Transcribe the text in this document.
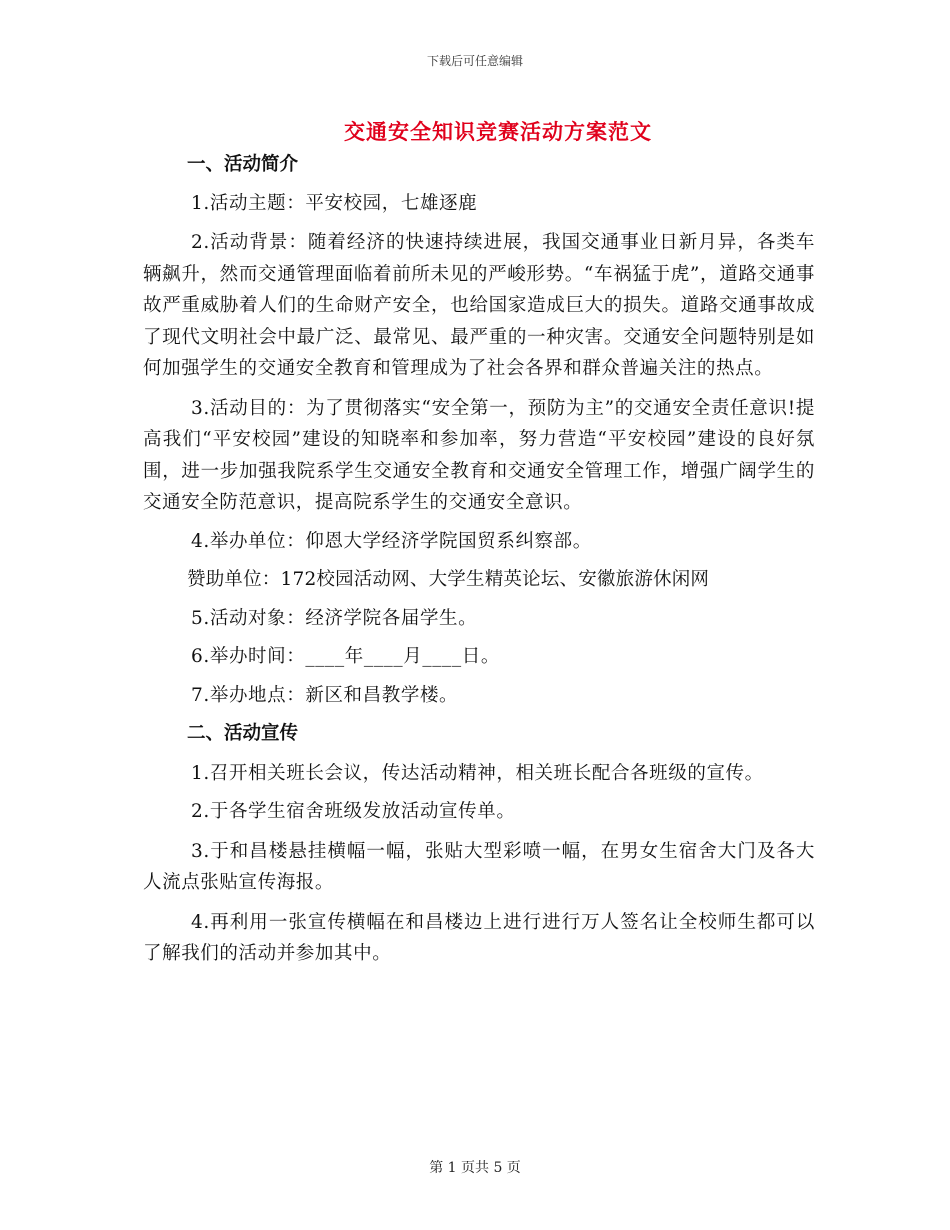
下载后可任意编辑
交通安全知识竞赛活动方案范文
一、活动简介
1.活动主题：平安校园，七雄逐鹿
2.活动背景：随着经济的快速持续进展，我国交通事业日新月异，各类车辆飙升，然而交通管理面临着前所未见的严峻形势。“车祸猛于虎”，道路交通事故严重威胁着人们的生命财产安全，也给国家造成巨大的损失。道路交通事故成了现代文明社会中最广泛、最常见、最严重的一种灾害。交通安全问题特别是如何加强学生的交通安全教育和管理成为了社会各界和群众普遍关注的热点。
3.活动目的：为了贯彻落实“安全第一，预防为主”的交通安全责任意识!提高我们“平安校园”建设的知晓率和参加率，努力营造“平安校园”建设的良好氛围，进一步加强我院系学生交通安全教育和交通安全管理工作，增强广阔学生的交通安全防范意识，提高院系学生的交通安全意识。
4.举办单位：仰恩大学经济学院国贸系纠察部。
赞助单位：172校园活动网、大学生精英论坛、安徽旅游休闲网
5.活动对象：经济学院各届学生。
6.举办时间：____年____月____日。
7.举办地点：新区和昌教学楼。
二、活动宣传
1.召开相关班长会议，传达活动精神，相关班长配合各班级的宣传。
2.于各学生宿舍班级发放活动宣传单。
3.于和昌楼悬挂横幅一幅，张贴大型彩喷一幅，在男女生宿舍大门及各大人流点张贴宣传海报。
4.再利用一张宣传横幅在和昌楼边上进行进行万人签名让全校师生都可以了解我们的活动并参加其中。
第 1 页共 5 页
